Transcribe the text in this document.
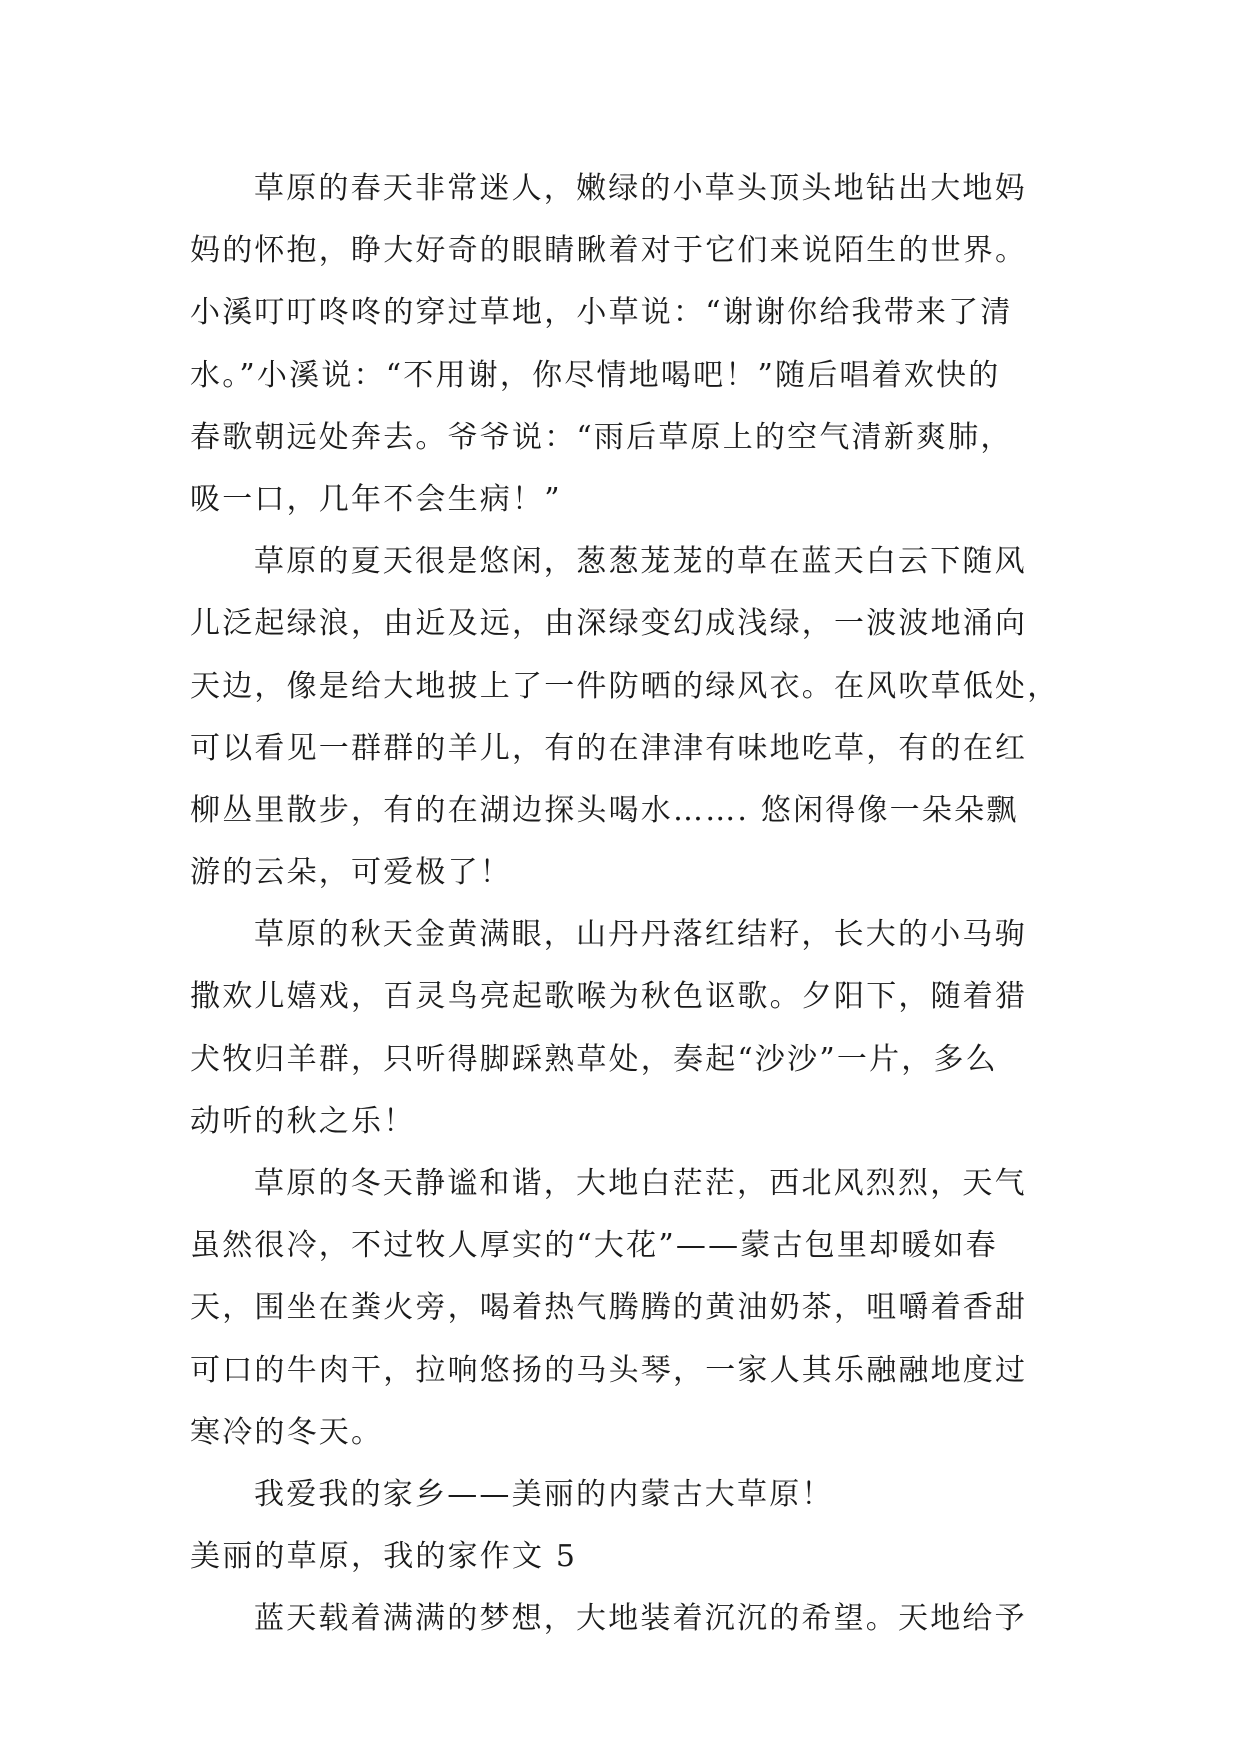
草原的春天非常迷人，嫩绿的小草头顶头地钻出大地妈
妈的怀抱，睁大好奇的眼睛瞅着对于它们来说陌生的世界。
小溪叮叮咚咚的穿过草地，小草说：“谢谢你给我带来了清
水。”小溪说：“不用谢，你尽情地喝吧！”随后唱着欢快的
春歌朝远处奔去。爷爷说：“雨后草原上的空气清新爽肺，
吸一口，几年不会生病！”
草原的夏天很是悠闲，葱葱茏茏的草在蓝天白云下随风
儿泛起绿浪，由近及远，由深绿变幻成浅绿，一波波地涌向
天边，像是给大地披上了一件防晒的绿风衣。在风吹草低处，
可以看见一群群的羊儿，有的在津津有味地吃草，有的在红
柳丛里散步，有的在湖边探头喝水……. 悠闲得像一朵朵飘
游的云朵，可爱极了！
草原的秋天金黄满眼，山丹丹落红结籽，长大的小马驹
撒欢儿嬉戏，百灵鸟亮起歌喉为秋色讴歌。夕阳下，随着猎
犬牧归羊群，只听得脚踩熟草处，奏起“沙沙”一片，多么
动听的秋之乐！
草原的冬天静谧和谐，大地白茫茫，西北风烈烈，天气
虽然很冷，不过牧人厚实的“大花”——蒙古包里却暖如春
天，围坐在粪火旁，喝着热气腾腾的黄油奶茶，咀嚼着香甜
可口的牛肉干，拉响悠扬的马头琴，一家人其乐融融地度过
寒冷的冬天。
我爱我的家乡——美丽的内蒙古大草原！
美丽的草原，我的家作文 5
蓝天载着满满的梦想，大地装着沉沉的希望。天地给予
